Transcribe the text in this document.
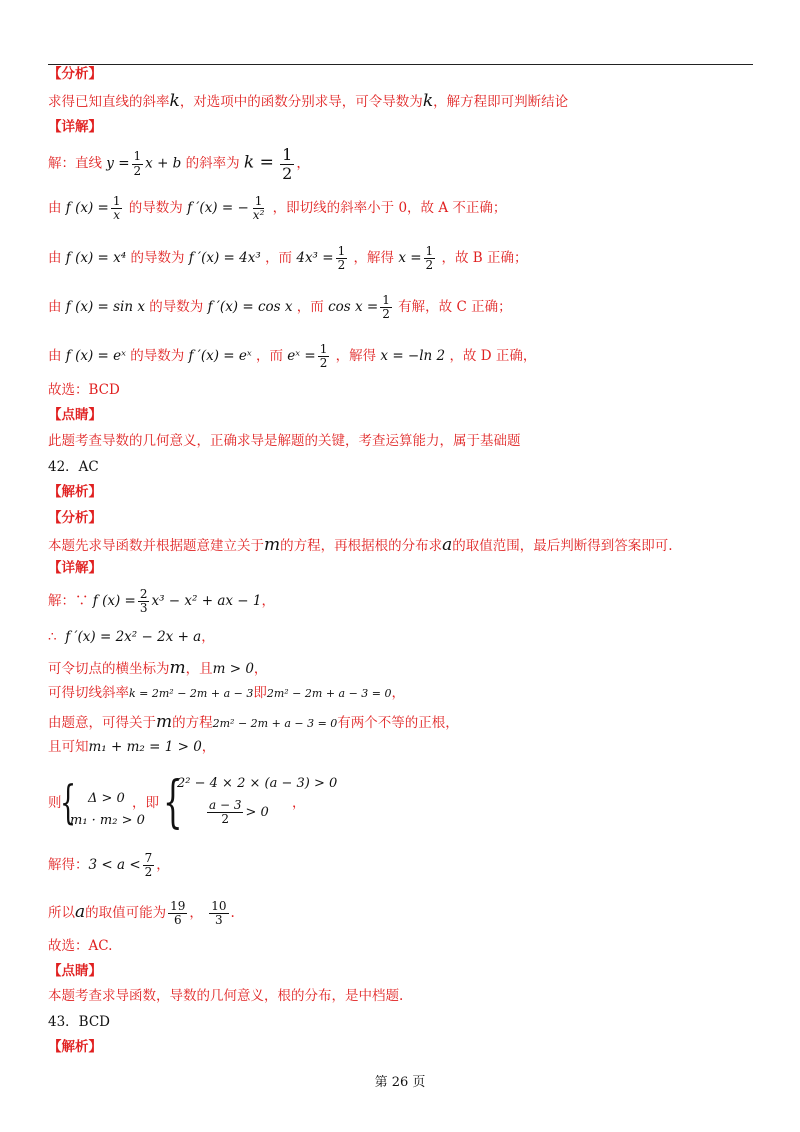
【分析】
求得已知直线的斜率k，对选项中的函数分别求导，可令导数为k，解方程即可判断结论
【详解】
解：直线 $y = \frac{1}{2}$ x + b 的斜率为 $k = \frac{1}{2}$ ，
由 f $(x) = \frac{1}{x}$ 的导数为 f ′(x) = − $\frac{1}{\text{x²}}$ ，即切线的斜率小于 0，故 A 不正确；
由 f (x) = x⁴ 的导数为 f ′(x) = 4x³ ，而 $4x^3 = \frac{1}{2}$ ，解得 $x = \frac{1}{2}$ ，故 B 正确；
由 f (x) = sin x 的导数为 f ′(x) = cos x ，而 $\cos x = \frac{1}{2}$ 有解，故 C 正确；
由 f (x) = eˣ 的导数为 f ′(x) = eˣ ，而 eˣ = $\frac{1}{2}$ ，解得 x = −ln 2 ，故 D 正确，
故选：BCD
【点睛】
此题考查导数的几何意义，正确求导是解题的关键，考查运算能力，属于基础题
42．AC
【解析】
【分析】
本题先求导函数并根据题意建立关于m的方程，再根据根的分布求a的取值范围，最后判断得到答案即可.
【详解】
解：∵ f $(x) = \frac{2}{3} x^3 - x^2$ + ax − 1，
∴ f ′(x) = 2x² − 2x + a，
可令切点的横坐标为m，且m > 0，
可得切线斜率k = 2m² − 2m + a − 3即2m² − 2m + a − 3 = 0，
由题意，可得关于m的方程2m² − 2m + a − 3 = 0有两个不等的正根，
且可知m₁ + m₂ = 1 > 0，
则
{ Δ > 0
m₁ · m₂ > 0
，即 {
2² − 4 × 2 × (a − 3) > 0
$\frac{a - 3}{2} > 0$
，
解得：$3 < a < \frac{7}{2}$ ，
所以a的取值可能为 $\frac{19}{6}$ ， $\frac{10}{3}$ .
故选：AC.
【点睛】
本题考查求导函数，导数的几何意义，根的分布，是中档题.
43．BCD
【解析】
第 26 页
